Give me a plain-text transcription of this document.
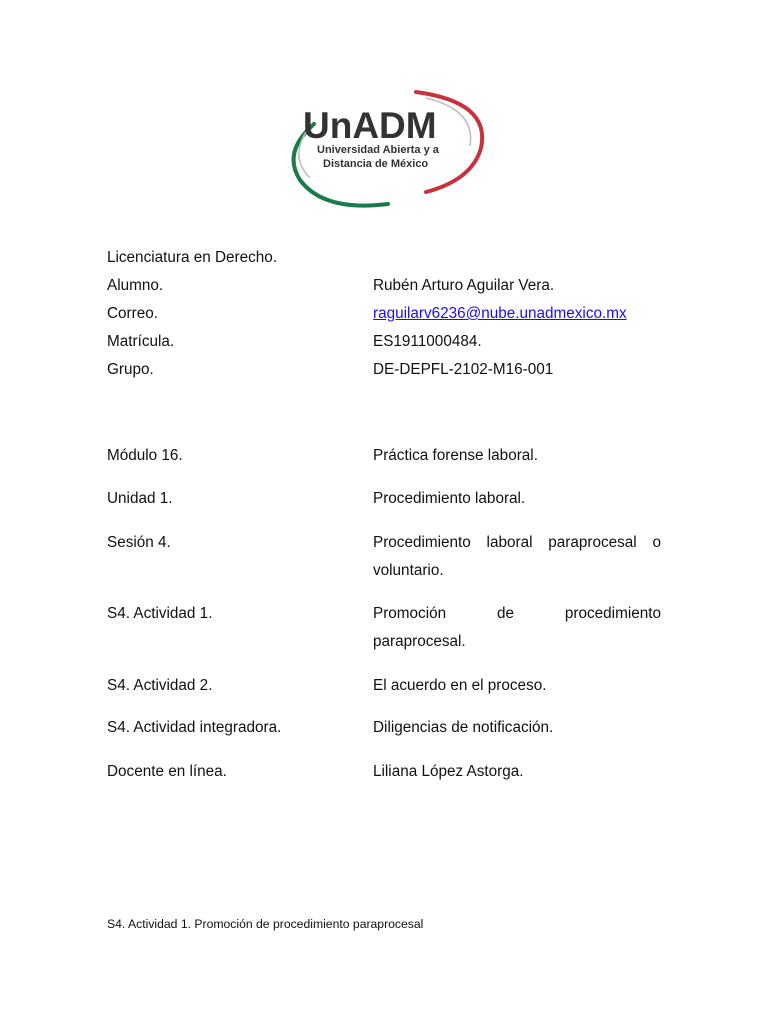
UnADM
Universidad Abierta y a
Distancia de México

Licenciatura en Derecho.

Alumno.	Rubén Arturo Aguilar Vera.

Correo.	raguilarv6236@nube.unadmexico.mx

Matrícula.	ES1911000484.

Grupo.	DE-DEPFL-2102-M16-001

Módulo 16.	Práctica forense laboral.

Unidad 1.	Procedimiento laboral.

Sesión 4.	Procedimiento laboral paraprocesal o

voluntario.

S4. Actividad 1.	Promoción de procedimiento

paraprocesal.

S4. Actividad 2.	El acuerdo en el proceso.

S4. Actividad integradora.	Diligencias de notificación.

Docente en línea.	Liliana López Astorga.

S4. Actividad 1. Promoción de procedimiento paraprocesal
